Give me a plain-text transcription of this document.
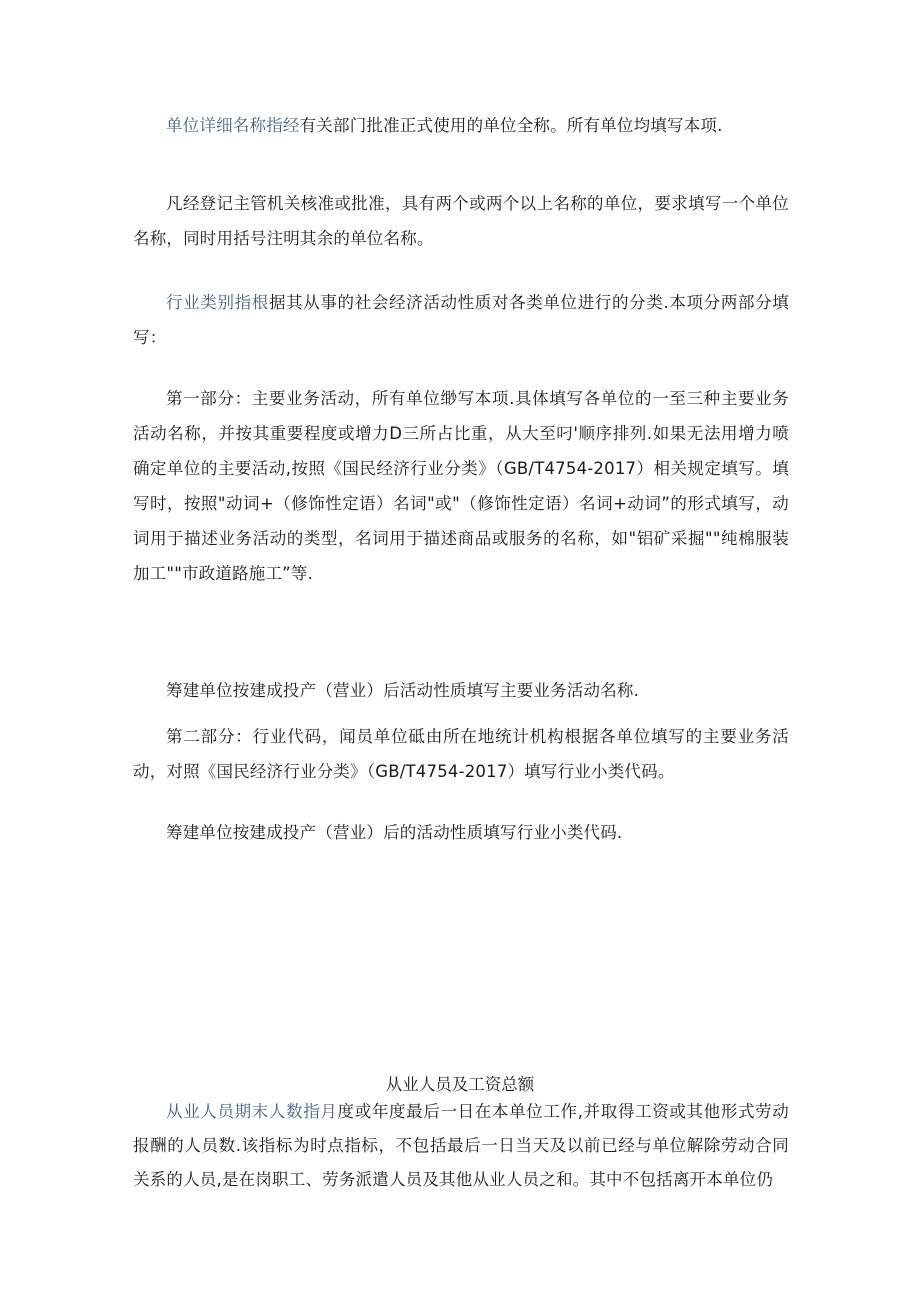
单位详细名称指经有关部门批准正式使用的单位全称。所有单位均填写本项.

凡经登记主管机关核准或批准，具有两个或两个以上名称的单位，要求填写一个单位名称，同时用括号注明其余的单位名称。

行业类别指根据其从事的社会经济活动性质对各类单位进行的分类.本项分两部分填写：

第一部分：主要业务活动，所有单位缈写本项.具体填写各单位的一至三种主要业务活动名称，并按其重要程度或增力D三所占比重，从大至叼'顺序排列.如果无法用增力喷确定单位的主要活动,按照《国民经济行业分类》（GB/T4754-2017）相关规定填写。填写时，按照"动词+（修饰性定语）名词"或"（修饰性定语）名词+动词”的形式填写，动词用于描述业务活动的类型，名词用于描述商品或服务的名称，如"铝矿采掘""纯棉服装加工""市政道路施工”等.

筹建单位按建成投产（营业）后活动性质填写主要业务活动名称.

第二部分：行业代码，闻员单位砥由所在地统计机构根据各单位填写的主要业务活动，对照《国民经济行业分类》（GB/T4754-2017）填写行业小类代码。

筹建单位按建成投产（营业）后的活动性质填写行业小类代码.

从业人员及工资总额

从业人员期末人数指月度或年度最后一日在本单位工作,并取得工资或其他形式劳动报酬的人员数.该指标为时点指标，不包括最后一日当天及以前已经与单位解除劳动合同关系的人员,是在岗职工、劳务派遣人员及其他从业人员之和。其中不包括离开本单位仍
